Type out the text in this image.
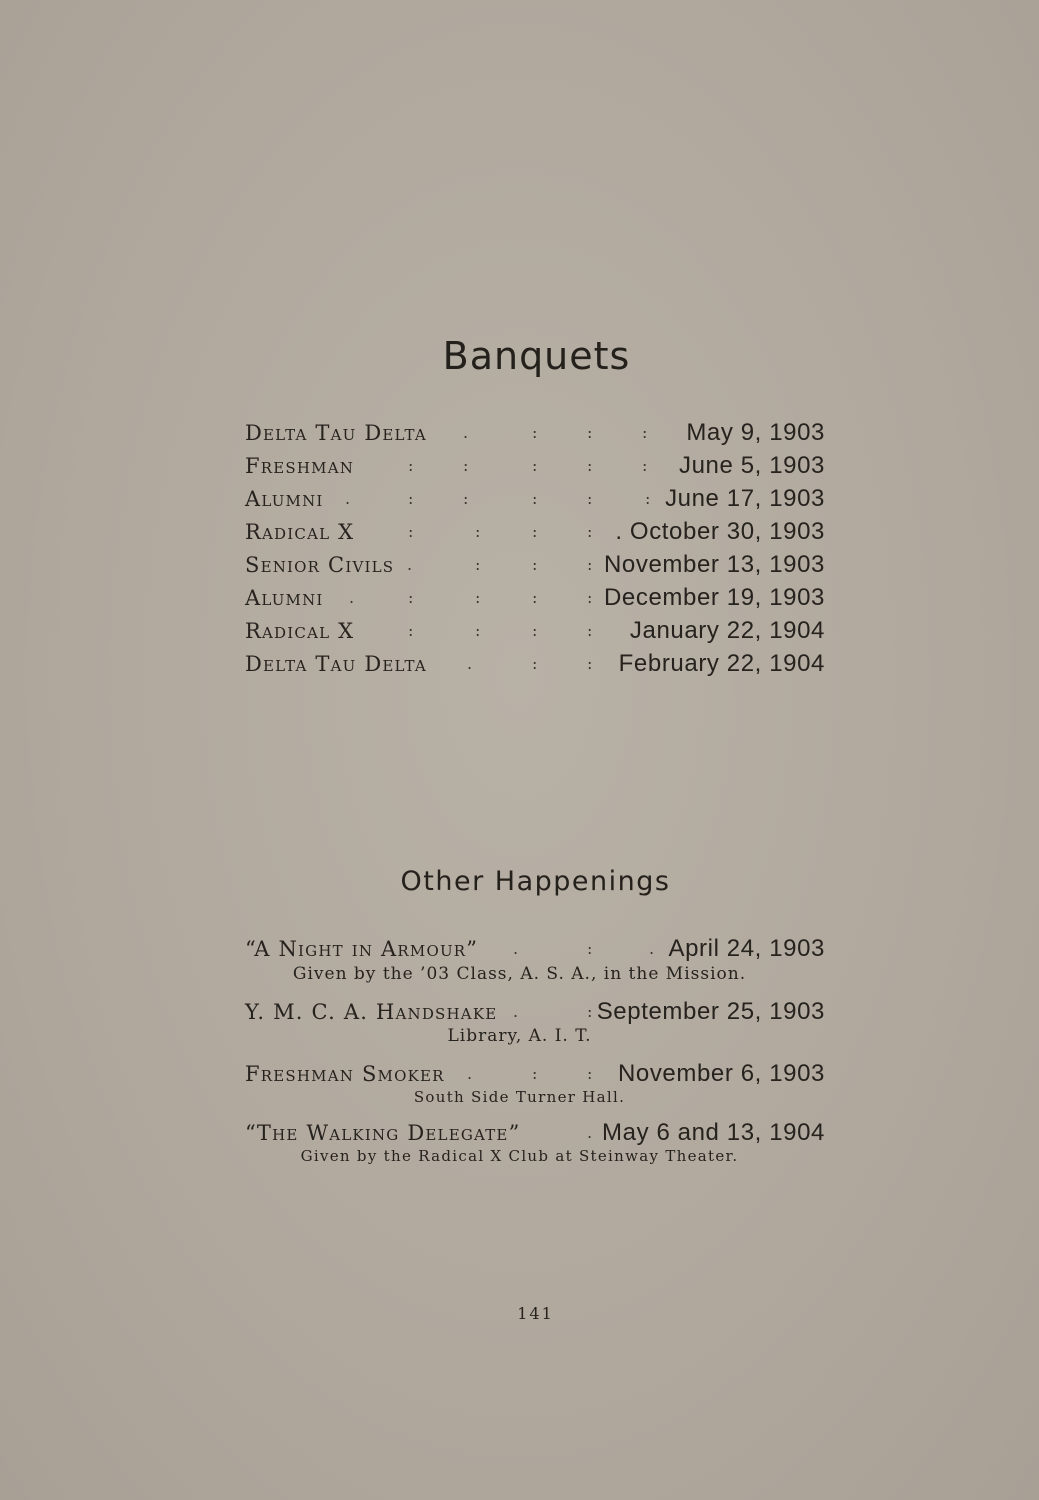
Banquets
Delta Tau Delta .	:	:	: May 9, 1903
Freshman	:	:	:	:	: June 5, 1903
Alumni .	:	:	:	:	: June 17, 1903
Radical X	:	:	:	: . October 30, 1903
Senior Civils .	:	:	: November 13, 1903
Alumni .	:	:	:	: December 19, 1903
Radical X	:	:	:	: January 22, 1904
Delta Tau Delta	.	:	: February 22, 1904
Other Happenings
“A Night in Armour” .	:	. April 24, 1903
Given by the ’03 Class, A. S. A., in the Mission.
Y. M. C. A. Handshake .	: September 25, 1903
Library, A. I. T.
Freshman Smoker .	:	: November 6, 1903
South Side Turner Hall.
“The Walking Delegate”	. May 6 and 13, 1904
Given by the Radical X Club at Steinway Theater.
141
